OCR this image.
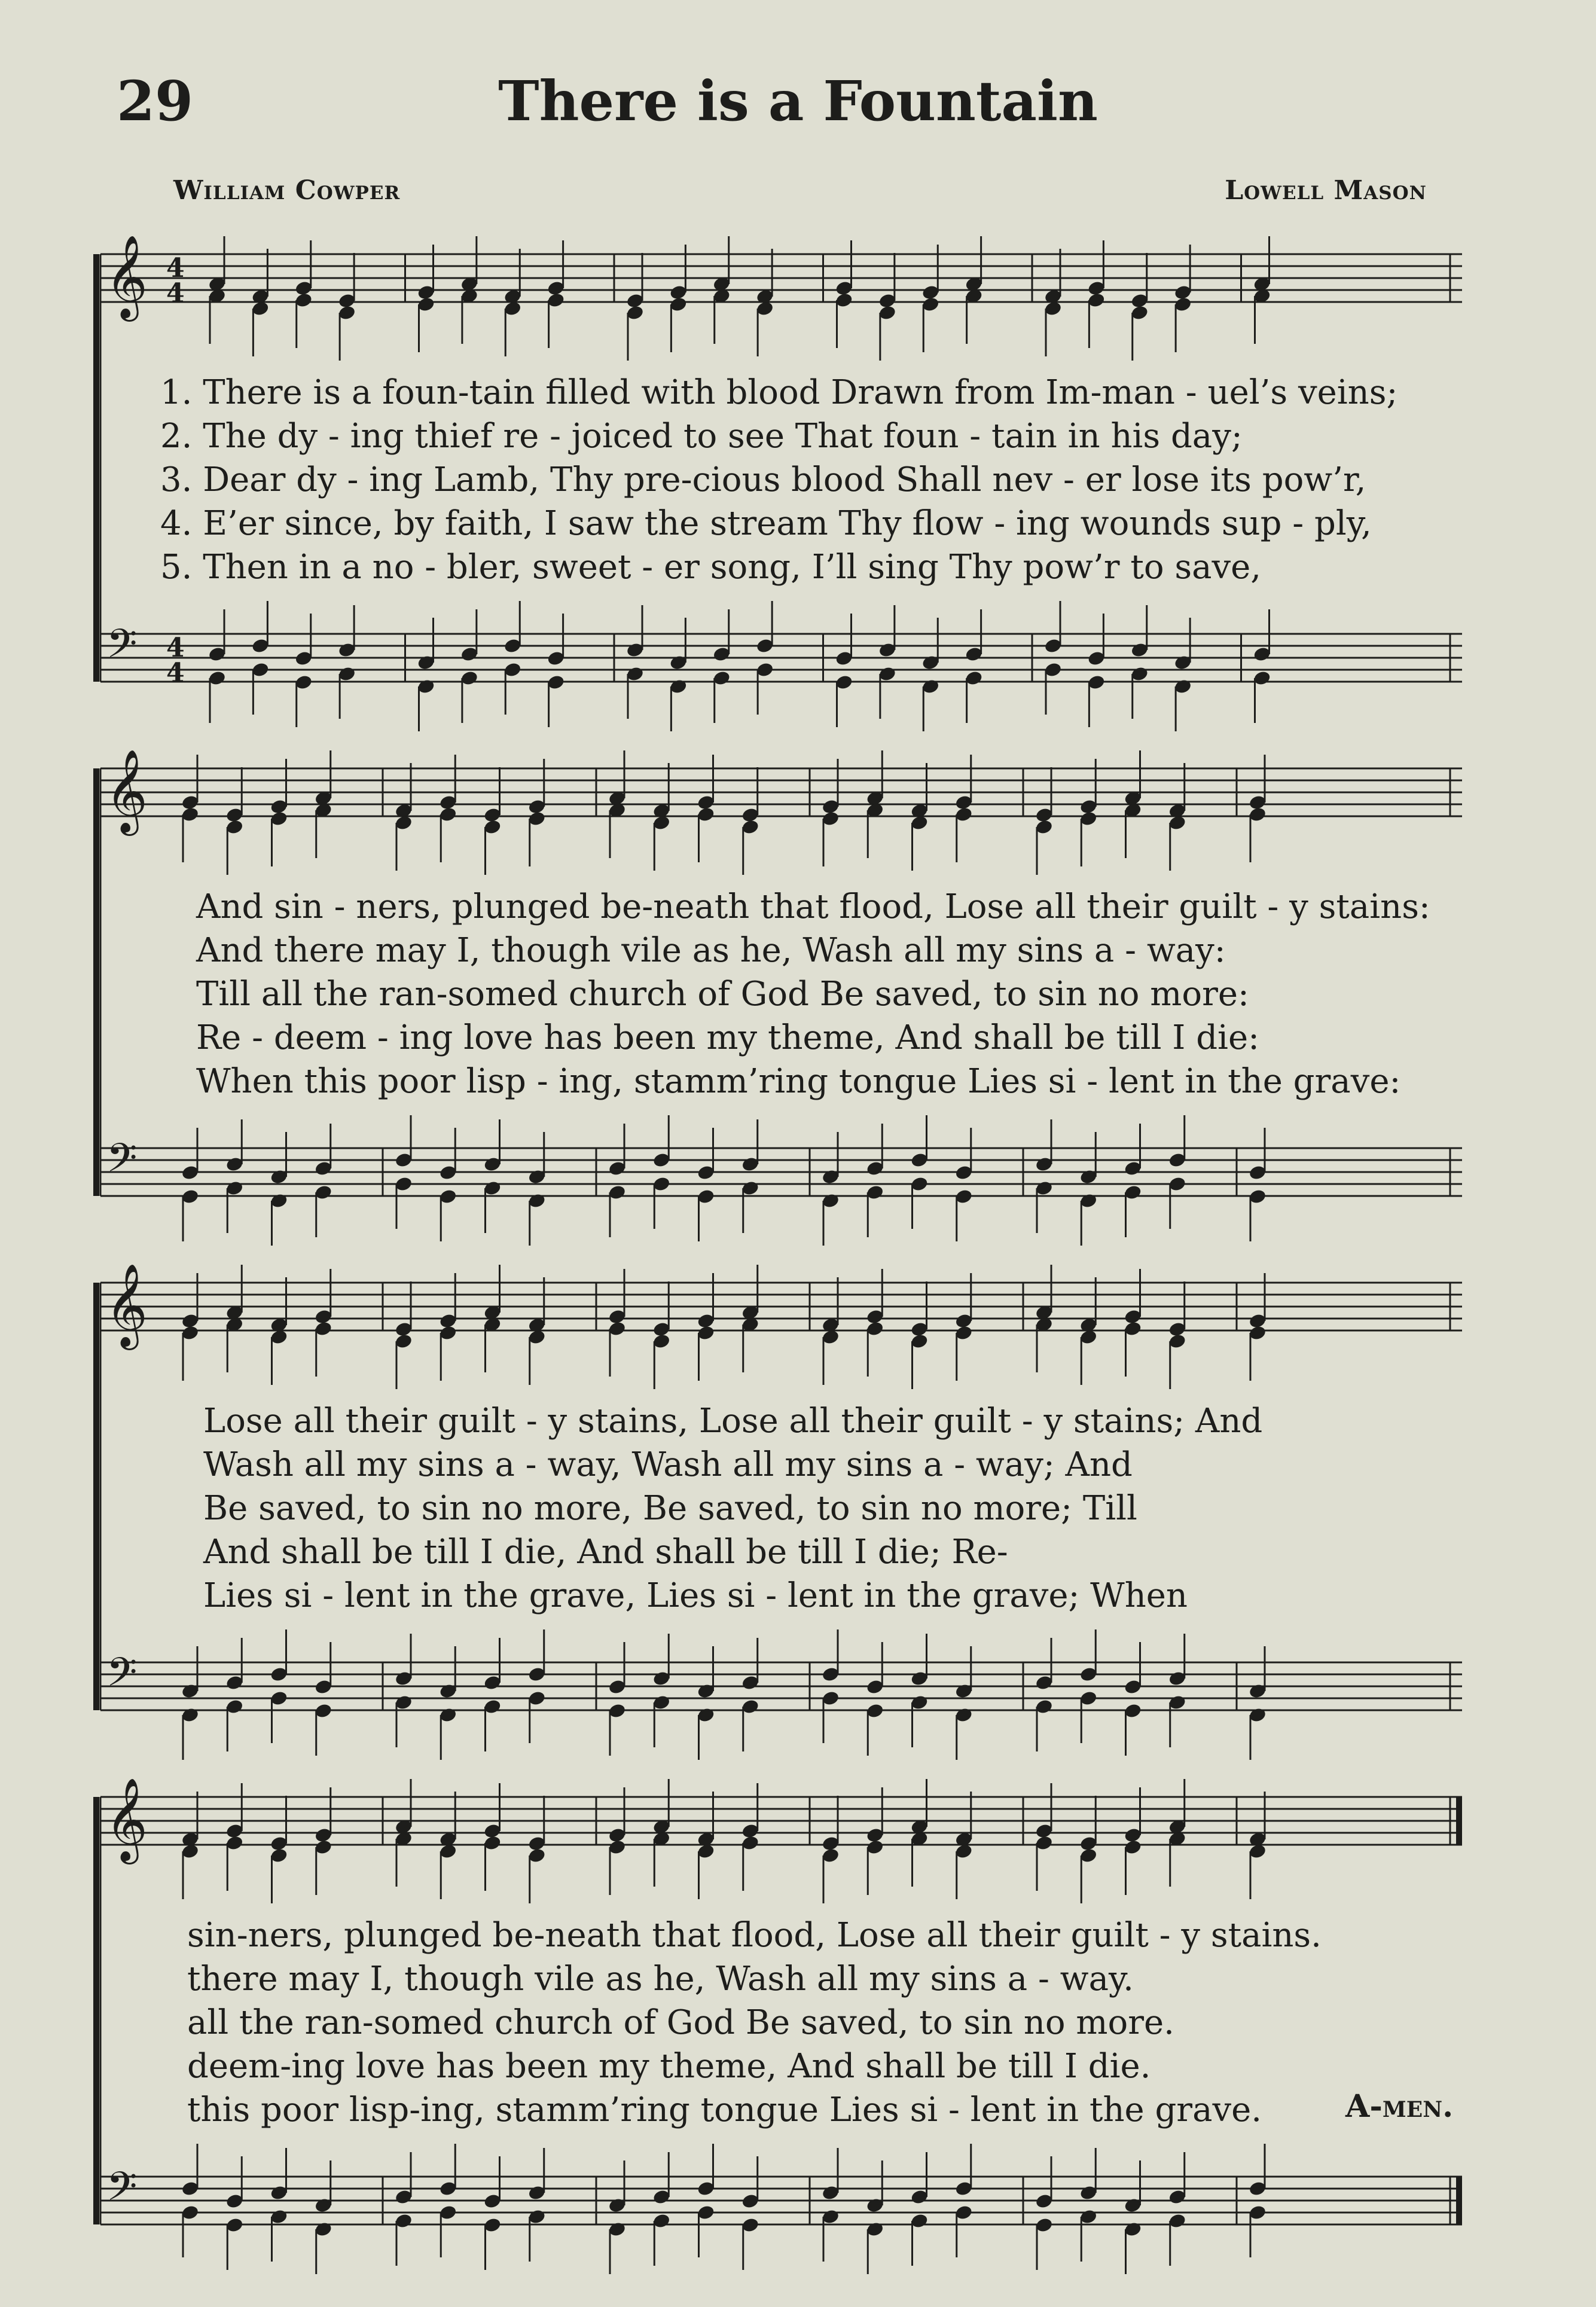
29	There is a Fountain
William Cowper	Lowell Mason
𝄞
𝄢
4
4
4
4
1. There is a foun-tain filled with blood Drawn from Im-man - uel’s veins;
2. The dy - ing thief re - joiced to see That foun - tain in his day;
3. Dear dy - ing Lamb, Thy pre-cious blood Shall nev - er lose its pow’r,
4. E’er since, by faith, I saw the stream Thy flow - ing wounds sup - ply,
5. Then in a no - bler, sweet - er song, I’ll sing Thy pow’r to save,
𝄞
𝄢
And sin - ners, plunged be-neath that flood, Lose all their guilt - y stains:
And there may I, though vile as he, Wash all my sins a - way:
Till all the ran-somed church of God Be saved, to sin no more:
Re - deem - ing love has been my theme, And shall be till I die:
When this poor lisp - ing, stamm’ring tongue Lies si - lent in the grave:
𝄞
𝄢
Lose all their guilt - y stains, Lose all their guilt - y stains; And
Wash all my sins a - way, Wash all my sins a - way; And
Be saved, to sin no more, Be saved, to sin no more; Till
And shall be till I die, And shall be till I die; Re-
Lies si - lent in the grave, Lies si - lent in the grave; When
𝄞
𝄢
sin-ners, plunged be-neath that flood, Lose all their guilt - y stains.
there may I, though vile as he, Wash all my sins a - way.
all the ran-somed church of God Be saved, to sin no more.
deem-ing love has been my theme, And shall be till I die.
this poor lisp-ing, stamm’ring tongue Lies si - lent in the grave.	A-men.
